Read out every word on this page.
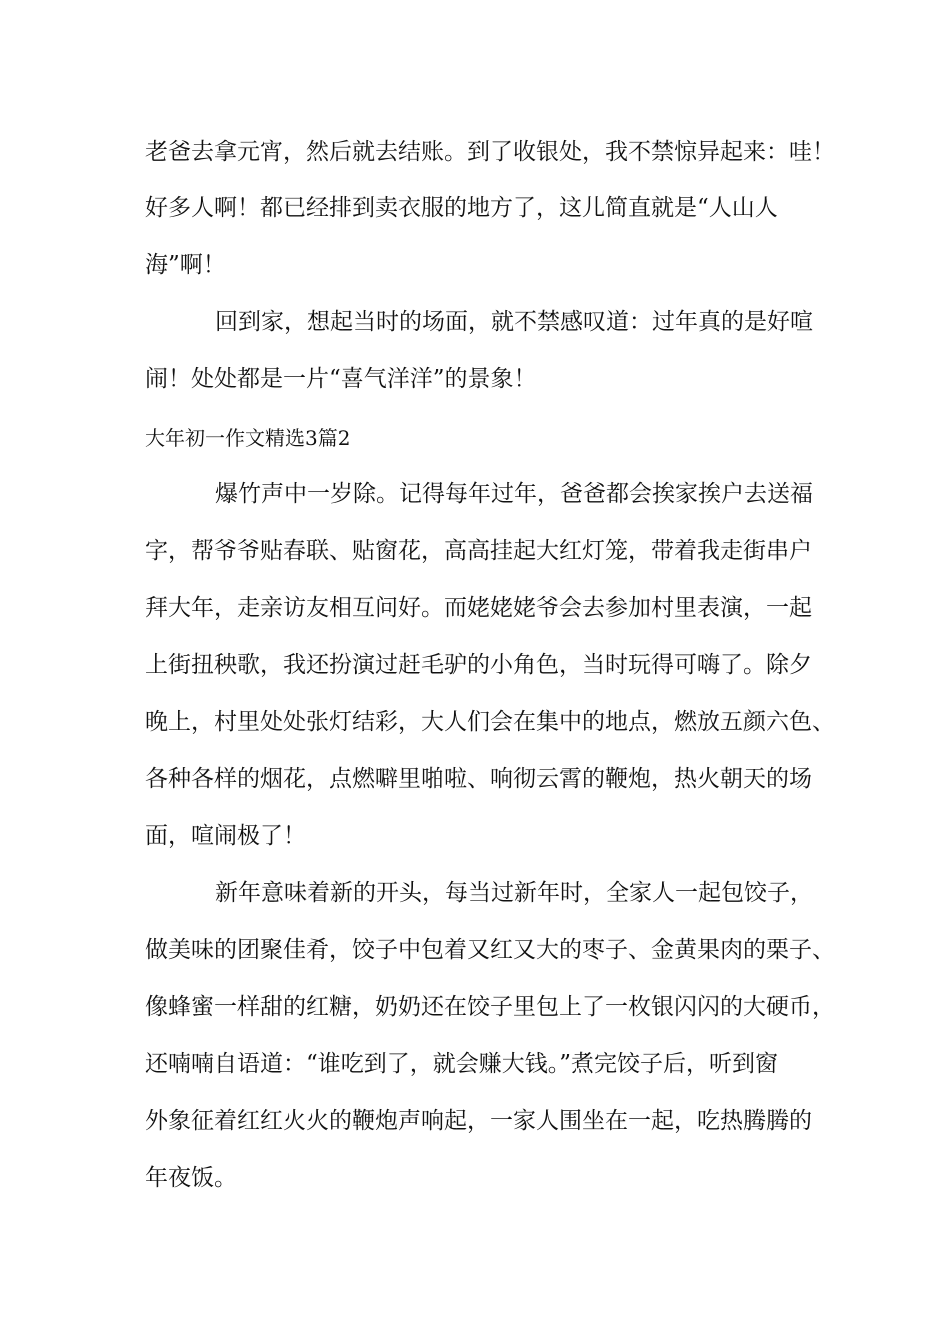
老爸去拿元宵，然后就去结账。到了收银处，我不禁惊异起来：哇！
好多人啊！都已经排到卖衣服的地方了，这儿简直就是“人山人
海”啊！
回到家，想起当时的场面，就不禁感叹道：过年真的是好喧
闹！处处都是一片“喜气洋洋”的景象！
大年初一作文精选3篇2
爆竹声中一岁除。记得每年过年，爸爸都会挨家挨户去送福
字，帮爷爷贴春联、贴窗花，高高挂起大红灯笼，带着我走街串户
拜大年，走亲访友相互问好。而姥姥姥爷会去参加村里表演，一起
上街扭秧歌，我还扮演过赶毛驴的小角色，当时玩得可嗨了。除夕
晚上，村里处处张灯结彩，大人们会在集中的地点，燃放五颜六色、
各种各样的烟花，点燃噼里啪啦、响彻云霄的鞭炮，热火朝天的场
面，喧闹极了！
新年意味着新的开头，每当过新年时，全家人一起包饺子，
做美味的团聚佳肴，饺子中包着又红又大的枣子、金黄果肉的栗子、
像蜂蜜一样甜的红糖，奶奶还在饺子里包上了一枚银闪闪的大硬币，
还喃喃自语道：“谁吃到了，就会赚大钱。”煮完饺子后，听到窗
外象征着红红火火的鞭炮声响起，一家人围坐在一起，吃热腾腾的
年夜饭。
